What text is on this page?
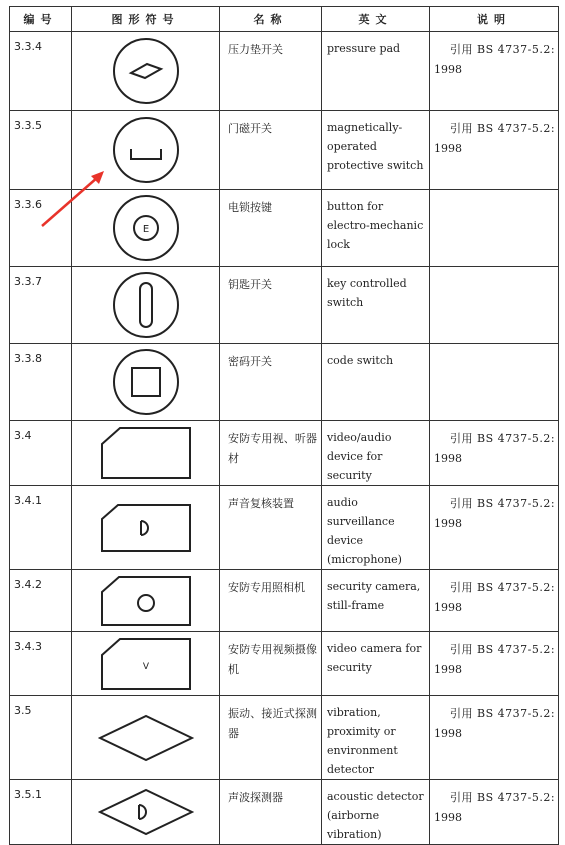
编号	图形符号	名称	英文	说明
3.3.4		压力垫开关	pressure pad	引用 BS 4737-5.2:
1998

3.3.5		门磁开关	magnetically-operated protective switch	引用 BS 4737-5.2:
1998

3.3.6	E	电锁按键	button for electro-mechanic lock	
3.3.7		钥匙开关	key controlled switch	
3.3.8		密码开关	code switch	
3.4		安防专用视、听器材	video/audio device for security	引用 BS 4737-5.2:
1998

3.4.1		声音复核装置	audio surveillance device (microphone)	引用 BS 4737-5.2:
1998

3.4.2		安防专用照相机	security camera, still-frame	引用 BS 4737-5.2:
1998

3.4.3	V	安防专用视频摄像机	video camera for security	引用 BS 4737-5.2:
1998

3.5		振动、接近式探测器	vibration, proximity or environment detector	引用 BS 4737-5.2:
1998

3.5.1		声波探测器	acoustic detector (airborne vibration)	引用 BS 4737-5.2:
1998
